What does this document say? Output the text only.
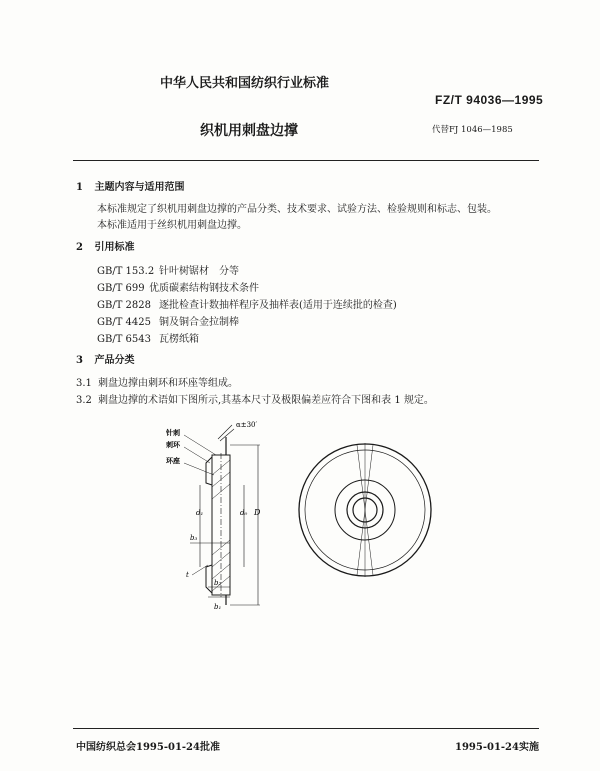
中华人民共和国纺织行业标准
FZ/T 94036—1995
织机用刺盘边撑	代替FJ 1046—1985
1 主题内容与适用范围
本标准规定了织机用刺盘边撑的产品分类、技术要求、试验方法、检验规则和标志、包装。
本标准适用于丝织机用刺盘边撑。
2 引用标准
GB/T 153.2 针叶树锯材　分等
GB/T 699 优质碳素结构钢技术条件
GB/T 2828 逐批检查计数抽样程序及抽样表(适用于连续批的检查)
GB/T 4425 铜及铜合金拉制棒
GB/T 6543 瓦楞纸箱
3 产品分类
3.1 刺盘边撑由刺环和环座等组成。
3.2 刺盘边撑的术语如下图所示,其基本尺寸及极限偏差应符合下图和表 1 规定。
针刺
刺环
环座
α±30′
d₁	d₀ D
b₃
t
b₂
b₁
中国纺织总会1995-01-24批准	1995-01-24实施
